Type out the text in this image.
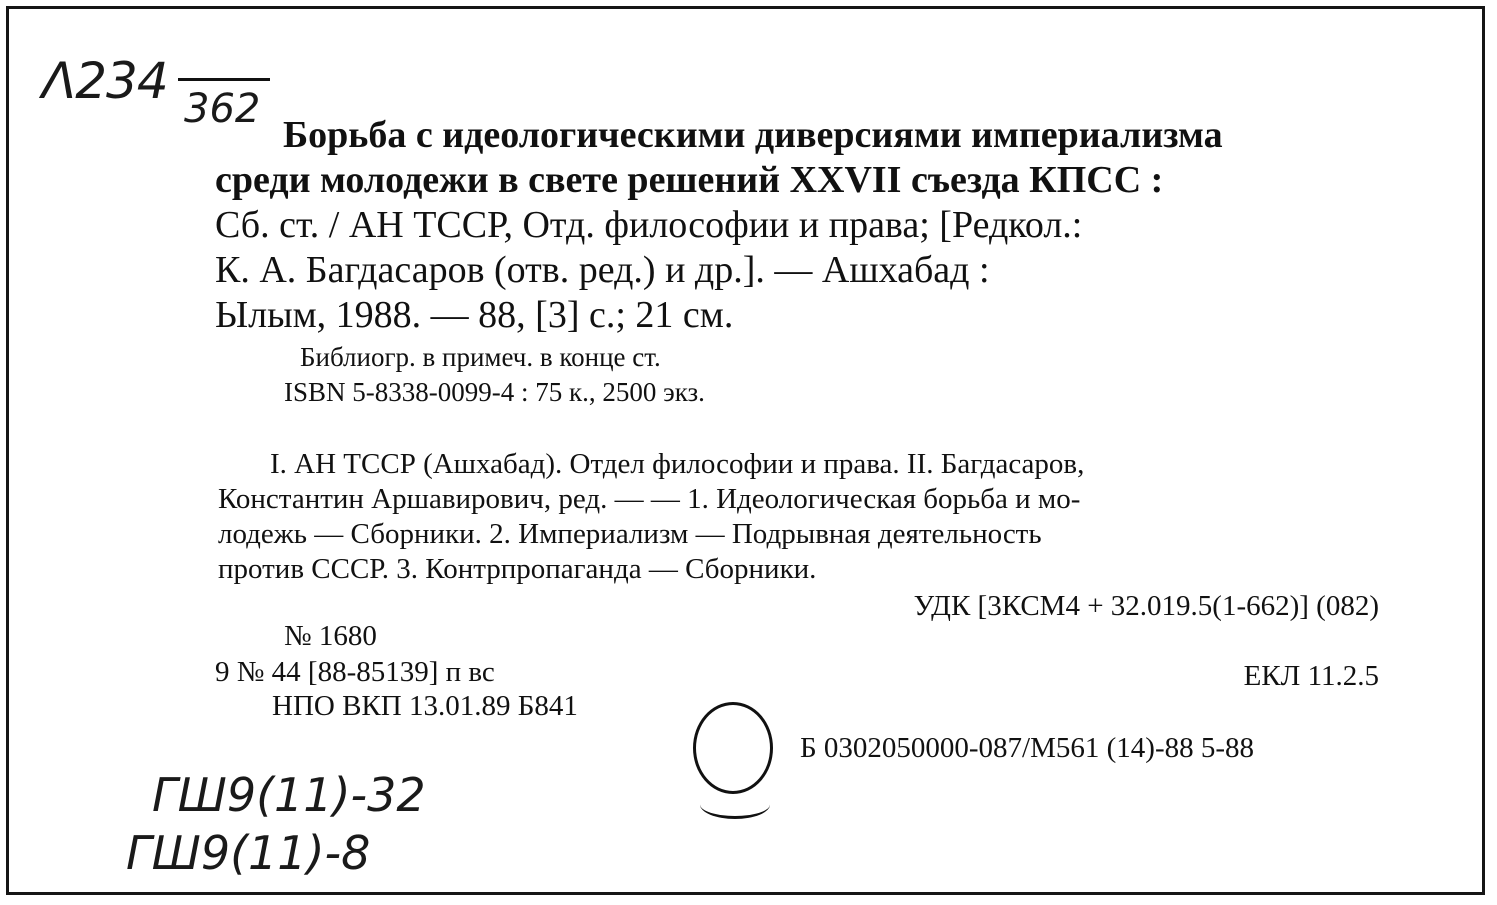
Λ234 362
Борьба с идеологическими диверсиями империализма
среди молодежи в свете решений XXVII съезда КПСС :
Сб. ст. / АН ТССР, Отд. философии и права; [Редкол.:
К. А. Багдасаров (отв. ред.) и др.]. — Ашхабад :
Ылым, 1988. — 88, [3] с.; 21 см.
Библиогр. в примеч. в конце ст.
ISBN 5-8338-0099-4 : 75 к., 2500 экз.
I. АН ТССР (Ашхабад). Отдел философии и права. II. Багдасаров,
Константин Аршавирович, ред. — — 1. Идеологическая борьба и мо-
лодежь — Сборники. 2. Империализм — Подрывная деятельность
против СССР. 3. Контрпропаганда — Сборники.
УДК [3КСМ4 + 32.019.5(1-662)] (082)
№ 1680
9 № 44 [88-85139] п вс	ЕКЛ 11.2.5
НПО ВКП 13.01.89 Б841
Б 0302050000-087/М561 (14)-88 5-88
ГШ9(11)-32
ГШ9(11)-8
